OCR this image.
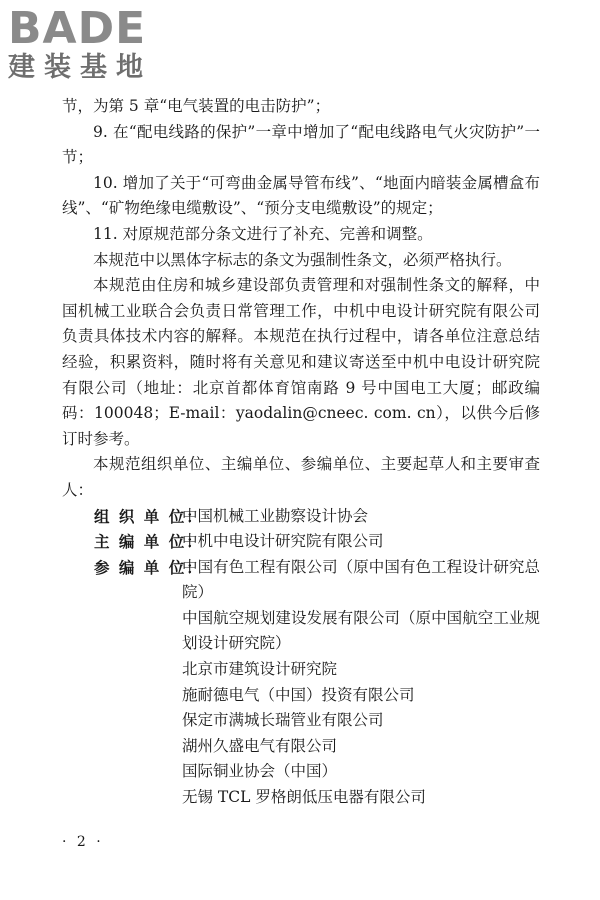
BADE
建装基地

节，为第 5 章“电气装置的电击防护”；

9. 在“配电线路的保护”一章中增加了“配电线路电气火灾防护”一节；

10. 增加了关于“可弯曲金属导管布线”、“地面内暗装金属槽盒布线”、“矿物绝缘电缆敷设”、“预分支电缆敷设”的规定；

11. 对原规范部分条文进行了补充、完善和调整。

本规范中以黑体字标志的条文为强制性条文，必须严格执行。

本规范由住房和城乡建设部负责管理和对强制性条文的解释，中国机械工业联合会负责日常管理工作，中机中电设计研究院有限公司负责具体技术内容的解释。本规范在执行过程中，请各单位注意总结经验，积累资料，随时将有关意见和建议寄送至中机中电设计研究院有限公司（地址：北京首都体育馆南路 9 号中国电工大厦；邮政编码：100048；E-mail：yaodalin@cneec. com. cn），以供今后修订时参考。

本规范组织单位、主编单位、参编单位、主要起草人和主要审查人：

组 织 单 位：

中国机械工业勘察设计协会

主 编 单 位：

中机中电设计研究院有限公司

参 编 单 位：

中国有色工程有限公司（原中国有色工程设计研究总院）

中国航空规划建设发展有限公司（原中国航空工业规划设计研究院）

北京市建筑设计研究院

施耐德电气（中国）投资有限公司

保定市满城长瑞管业有限公司

湖州久盛电气有限公司

国际铜业协会（中国）

无锡 TCL 罗格朗低压电器有限公司

· 2 ·
